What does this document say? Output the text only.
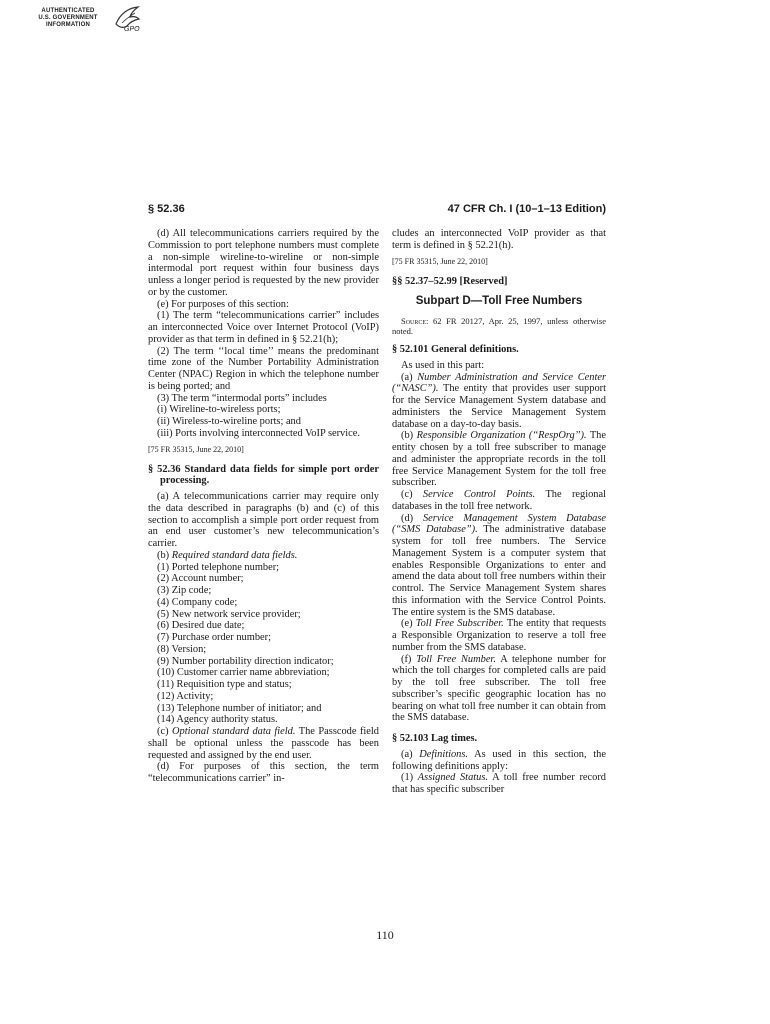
AUTHENTICATED
U.S. GOVERNMENT
INFORMATION
GPO
§ 52.36	47 CFR Ch. I (10–1–13 Edition)

(d) All telecommunications carriers required by the Commission to port telephone numbers must complete a non-simple wireline-to-wireline or non-simple intermodal port request within four business days unless a longer period is requested by the new provider or by the customer.

(e) For purposes of this section:

(1) The term “telecommunications carrier” includes an interconnected Voice over Internet Protocol (VoIP) provider as that term in defined in § 52.21(h);

(2) The term ‘‘local time’’ means the predominant time zone of the Number Portability Administration Center (NPAC) Region in which the telephone number is being ported; and

(3) The term “intermodal ports” includes

(i) Wireline-to-wireless ports;

(ii) Wireless-to-wireline ports; and

(iii) Ports involving interconnected VoIP service.

[75 FR 35315, June 22, 2010]

§ 52.36 Standard data fields for simple port order processing.

(a) A telecommunications carrier may require only the data described in paragraphs (b) and (c) of this section to accomplish a simple port order request from an end user customer’s new telecommunication’s carrier.

(b) Required standard data fields.

(1) Ported telephone number;

(2) Account number;

(3) Zip code;

(4) Company code;

(5) New network service provider;

(6) Desired due date;

(7) Purchase order number;

(8) Version;

(9) Number portability direction indicator;

(10) Customer carrier name abbreviation;

(11) Requisition type and status;

(12) Activity;

(13) Telephone number of initiator; and

(14) Agency authority status.

(c) Optional standard data field. The Passcode field shall be optional unless the passcode has been requested and assigned by the end user.

(d) For purposes of this section, the term “telecommunications carrier” in-

cludes an interconnected VoIP provider as that term is defined in § 52.21(h).

[75 FR 35315, June 22, 2010]

§§ 52.37–52.99 [Reserved]

Subpart D—Toll Free Numbers

Source: 62 FR 20127, Apr. 25, 1997, unless otherwise noted.

§ 52.101 General definitions.

As used in this part:

(a) Number Administration and Service Center (“NASC”). The entity that provides user support for the Service Management System database and administers the Service Management System database on a day-to-day basis.

(b) Responsible Organization (‘‘RespOrg’’). The entity chosen by a toll free subscriber to manage and administer the appropriate records in the toll free Service Management System for the toll free subscriber.

(c) Service Control Points. The regional databases in the toll free network.

(d) Service Management System Database (“SMS Database”). The administrative database system for toll free numbers. The Service Management System is a computer system that enables Responsible Organizations to enter and amend the data about toll free numbers within their control. The Service Management System shares this information with the Service Control Points. The entire system is the SMS database.

(e) Toll Free Subscriber. The entity that requests a Responsible Organization to reserve a toll free number from the SMS database.

(f) Toll Free Number. A telephone number for which the toll charges for completed calls are paid by the toll free subscriber. The toll free subscriber’s specific geographic location has no bearing on what toll free number it can obtain from the SMS database.

§ 52.103 Lag times.

(a) Definitions. As used in this section, the following definitions apply:

(1) Assigned Status. A toll free number record that has specific subscriber

110
